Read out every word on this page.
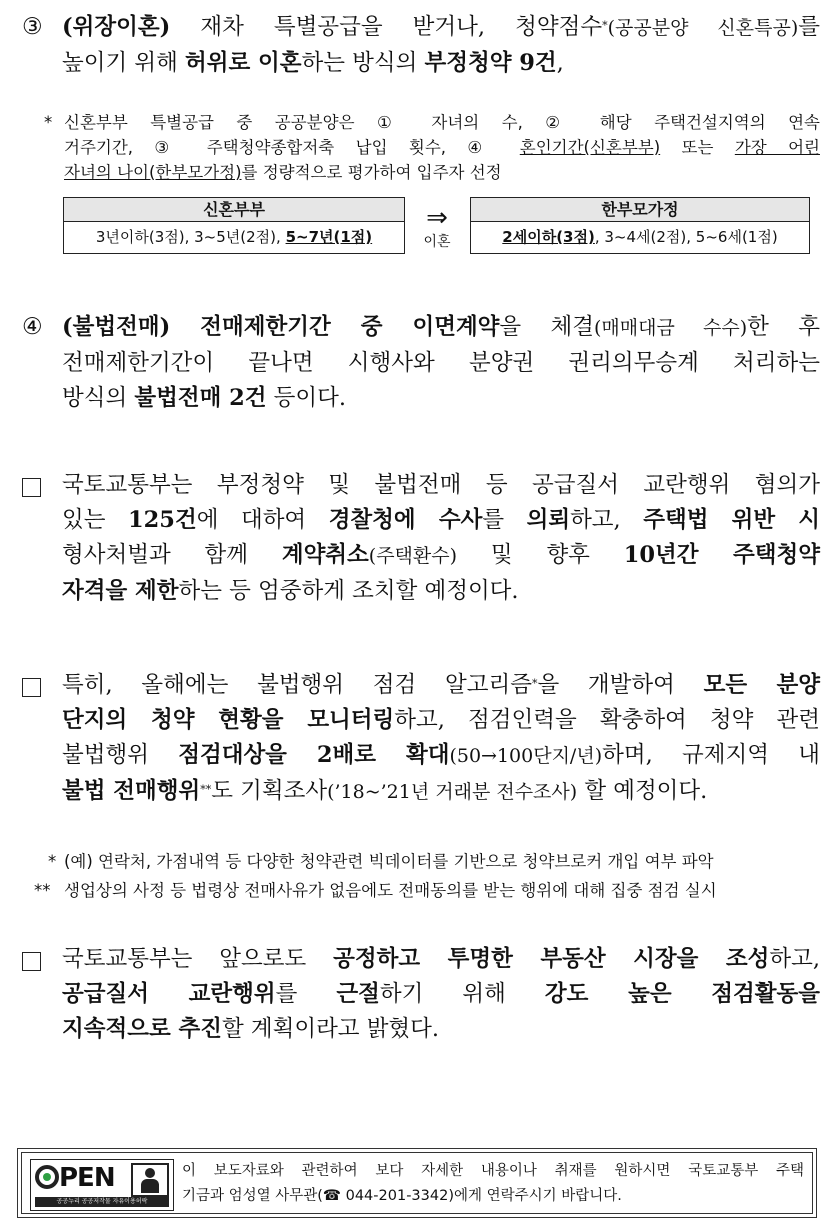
③ (위장이혼) 재차 특별공급을 받거나, 청약점수*(공공분양 신혼특공)를
높이기 위해 허위로 이혼하는 방식의 부정청약 9건,
* 신혼부부 특별공급 중 공공분양은 ① 자녀의 수, ② 해당 주택건설지역의 연속
거주기간, ③ 주택청약종합저축 납입 횟수, ④ 혼인기간(신혼부부) 또는 가장 어린
자녀의 나이(한부모가정)를 정량적으로 평가하여 입주자 선정
신혼부부
3년이하(3점), 3~5년(2점), 5~7년(1점)
⇒
이혼
한부모가정
2세이하(3점), 3~4세(2점), 5~6세(1점)
④ (불법전매) 전매제한기간 중 이면계약을 체결(매매대금 수수)한 후
전매제한기간이 끝나면 시행사와 분양권 권리의무승계 처리하는
방식의 불법전매 2건 등이다.
국토교통부는 부정청약 및 불법전매 등 공급질서 교란행위 혐의가
있는 125건에 대하여 경찰청에 수사를 의뢰하고, 주택법 위반 시
형사처벌과 함께 계약취소(주택환수) 및 향후 10년간 주택청약
자격을 제한하는 등 엄중하게 조치할 예정이다.
특히, 올해에는 불법행위 점검 알고리즘*을 개발하여 모든 분양
단지의 청약 현황을 모니터링하고, 점검인력을 확충하여 청약 관련
불법행위 점검대상을 2배로 확대(50→100단지/년)하며, 규제지역 내
불법 전매행위**도 기획조사(’18~’21년 거래분 전수조사) 할 예정이다.
* (예) 연락처, 가점내역 등 다양한 청약관련 빅데이터를 기반으로 청약브로커 개입 여부 파악
** 생업상의 사정 등 법령상 전매사유가 없음에도 전매동의를 받는 행위에 대해 집중 점검 실시
국토교통부는 앞으로도 공정하고 투명한 부동산 시장을 조성하고,
공급질서 교란행위를 근절하기 위해 강도 높은 점검활동을
지속적으로 추진할 계획이라고 밝혔다.
PEN
공공누리 공공저작물 자유이용허락
이 보도자료와 관련하여 보다 자세한 내용이나 취재를 원하시면 국토교통부 주택
기금과 엄성열 사무관(☎ 044-201-3342)에게 연락주시기 바랍니다.
